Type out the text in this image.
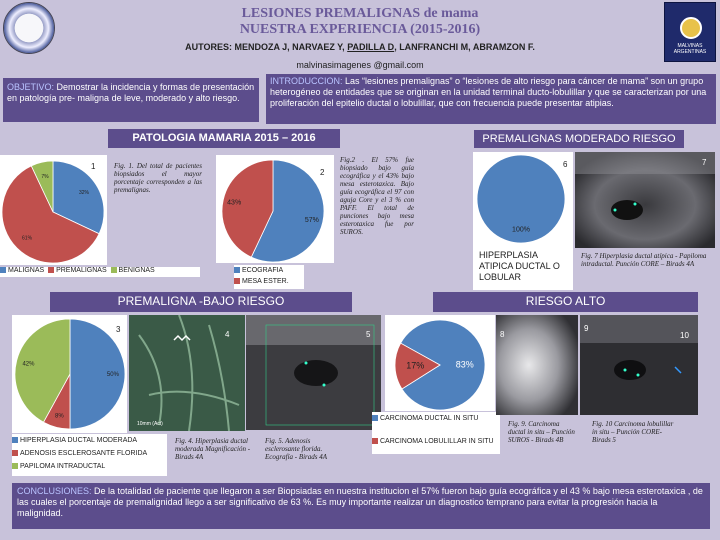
MALVINAS ARGENTINAS
LESIONES PREMALIGNAS de mama
NUESTRA EXPERIENCIA (2015-2016)
AUTORES: MENDOZA J, NARVAEZ Y, PADILLA D, LANFRANCHI M, ABRAMZON F.
malvinasimagenes @gmail.com
OBJETIVO: Demostrar la incidencia y formas de presentación en patología pre- maligna de leve, moderado y alto riesgo.
INTRODUCCION: Las “lesiones premalignas” o “lesiones de alto riesgo para cáncer de mama” son un grupo heterogéneo de entidades que se originan en la unidad terminal ducto-lobulillar y que se caracterizan por una proliferación del epitelio ductal o lobulillar, que con frecuencia puede presentar atipias.
PATOLOGIA MAMARIA 2015 – 2016	PREMALIGNAS MODERADO RIESGO
PREMALIGNA -BAJO RIESGO	RIESGO ALTO
32%
61%
7%
1
MALIGNAS PREMALIGNAS BENIGNAS
Fig. 1. Del total de pacientes biopsiados el mayor porcentaje corresponden a las premalignas.
57%
43%
2
ECOGRAFIA
MESA ESTER.
Fig.2 . El 57% fue biopsiado bajo guía ecográfica y el 43% bajo mesa esterotaxica. Bajo guía ecográfica el 97 con aguja Core y el 3 % con PAFF. El total de punciones bajo mesa esterotaxica fue por SUROS.	100%
HIPERPLASIA ATIPICA DUCTAL O LOBULAR
6	7
Fig. 7 Hiperplasia ductal atípica - Papiloma intraductal. Punción CORE – Birads 4A
50%
8%
42%
3
HIPERPLASIA DUCTAL MODERADA
ADENOSIS ESCLEROSANTE FLORIDA
PAPILOMA INTRADUCTAL
10mm (Act)
4
Fig. 4. Hiperplasia ductal moderada Magnificación -Birads 4A
5
Fig. 5. Adenosis esclerosante florida. Ecografía - Birads 4A
83%
17%
CARCINOMA DUCTAL IN SITU
CARCINOMA LOBULILLAR IN SITU
8
Fig. 9. Carcinoma ductal in situ – Punción SUROS - Birads 4B
9
10
Fig. 10 Carcinoma lobulillar in situ – Punción CORE- Birads 5
CONCLUSIONES: De la totalidad de paciente que llegaron a ser Biopsiadas en nuestra institucion el 57% fueron bajo guía ecográfica y el 43 % bajo mesa esterotaxica , de las cuales el porcentaje de premalignidad llego a ser significativo de 63 %. Es muy importante realizar un diagnostico temprano para evitar la progresión hacia la malignidad.
